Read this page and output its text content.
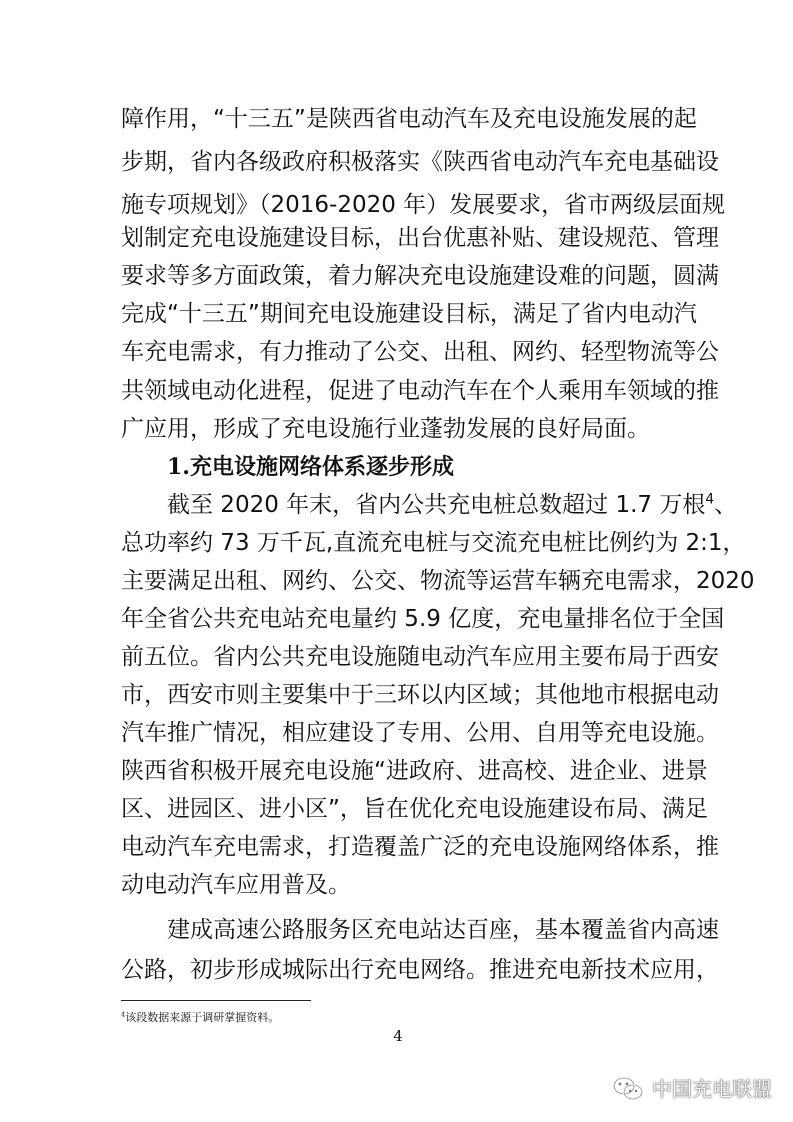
障作用，“十三五”是陕西省电动汽车及充电设施发展的起
步期，省内各级政府积极落实《陕西省电动汽车充电基础设
施专项规划》（2016-2020 年）发展要求，省市两级层面规
划制定充电设施建设目标，出台优惠补贴、建设规范、管理
要求等多方面政策，着力解决充电设施建设难的问题，圆满
完成“十三五”期间充电设施建设目标，满足了省内电动汽
车充电需求，有力推动了公交、出租、网约、轻型物流等公
共领域电动化进程，促进了电动汽车在个人乘用车领域的推
广应用，形成了充电设施行业蓬勃发展的良好局面。
1.充电设施网络体系逐步形成
截至 2020 年末，省内公共充电桩总数超过 1.7 万根$^4$、
总功率约 73 万千瓦,直流充电桩与交流充电桩比例约为 2:1，
主要满足出租、网约、公交、物流等运营车辆充电需求，2020
年全省公共充电站充电量约 5.9 亿度，充电量排名位于全国
前五位。省内公共充电设施随电动汽车应用主要布局于西安
市，西安市则主要集中于三环以内区域；其他地市根据电动
汽车推广情况，相应建设了专用、公用、自用等充电设施。
陕西省积极开展充电设施“进政府、进高校、进企业、进景
区、进园区、进小区”，旨在优化充电设施建设布局、满足
电动汽车充电需求，打造覆盖广泛的充电设施网络体系，推
动电动汽车应用普及。
建成高速公路服务区充电站达百座，基本覆盖省内高速
公路，初步形成城际出行充电网络。推进充电新技术应用，
$^4$该段数据来源于调研掌握资料。
4
中国充电联盟
